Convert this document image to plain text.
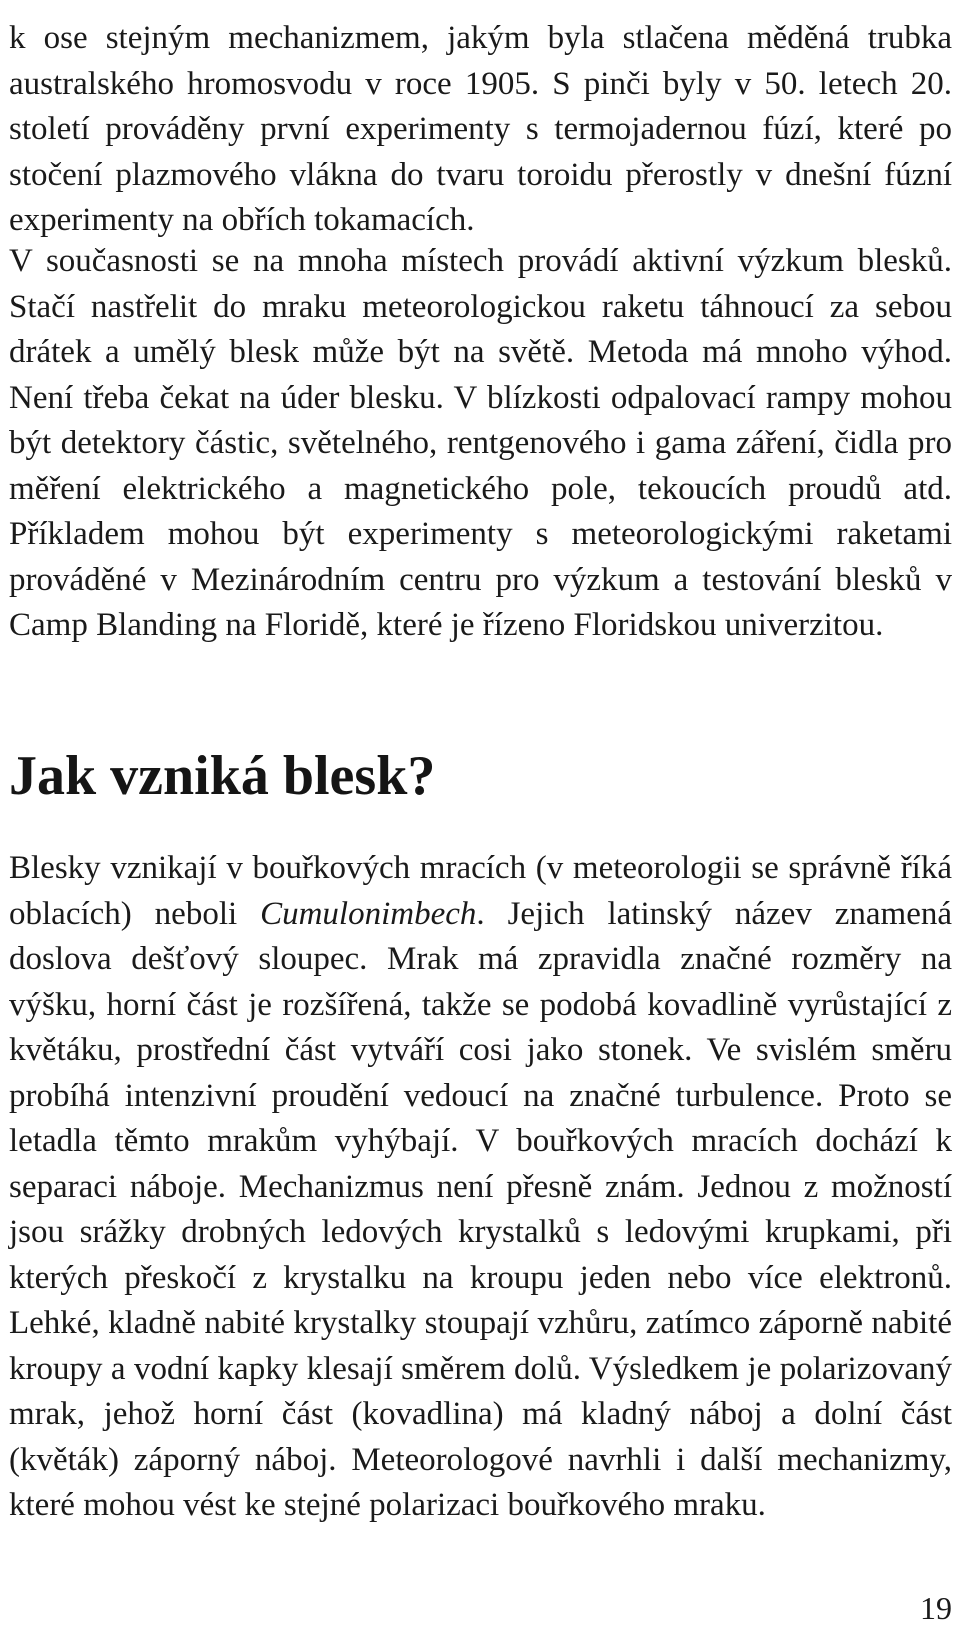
k ose stejným mechanizmem, jakým byla stlačena měděná trubka australského hromosvodu v roce 1905. S pinči byly v 50. letech 20. století prováděny první experimenty s termojadernou fúzí, které po stočení plazmového vlákna do tvaru toroidu přerostly v dnešní fúzní experimenty na obřích tokamacích.

V současnosti se na mnoha místech provádí aktivní výzkum blesků. Stačí nastřelit do mraku meteorologickou raketu táhnoucí za sebou drátek a umělý blesk může být na světě. Metoda má mnoho výhod. Není třeba čekat na úder blesku. V blízkosti odpalovací rampy mohou být detektory částic, světelného, rentgenového i gama záření, čidla pro měření elektrického a magnetického pole, tekoucích proudů atd. Příkladem mohou být experimenty s meteorologickými raketami prováděné v Mezinárodním centru pro výzkum a testování blesků v Camp Blanding na Floridě, které je řízeno Floridskou univerzitou.

Jak vzniká blesk?

Blesky vznikají v bouřkových mracích (v meteorologii se správně říká oblacích) neboli Cumulonimbech. Jejich latinský název znamená doslova dešťový sloupec. Mrak má zpravidla značné rozměry na výšku, horní část je rozšířená, takže se podobá kovadlině vyrůstající z květáku, prostřední část vytváří cosi jako stonek. Ve svislém směru probíhá intenzivní proudění vedoucí na značné turbulence. Proto se letadla těmto mrakům vyhýbají. V bouřkových mracích dochází k separaci náboje. Mechanizmus není přesně znám. Jednou z možností jsou srážky drobných ledových krystalků s ledovými krupkami, při kterých přeskočí z krystalku na kroupu jeden nebo více elektronů. Lehké, kladně nabité krystalky stoupají vzhůru, zatímco záporně nabité kroupy a vodní kapky klesají směrem dolů. Výsledkem je polarizovaný mrak, jehož horní část (kovadlina) má kladný náboj a dolní část (květák) záporný náboj. Meteorologové navrhli i další mechanizmy, které mohou vést ke stejné polarizaci bouřkového mraku.

19
